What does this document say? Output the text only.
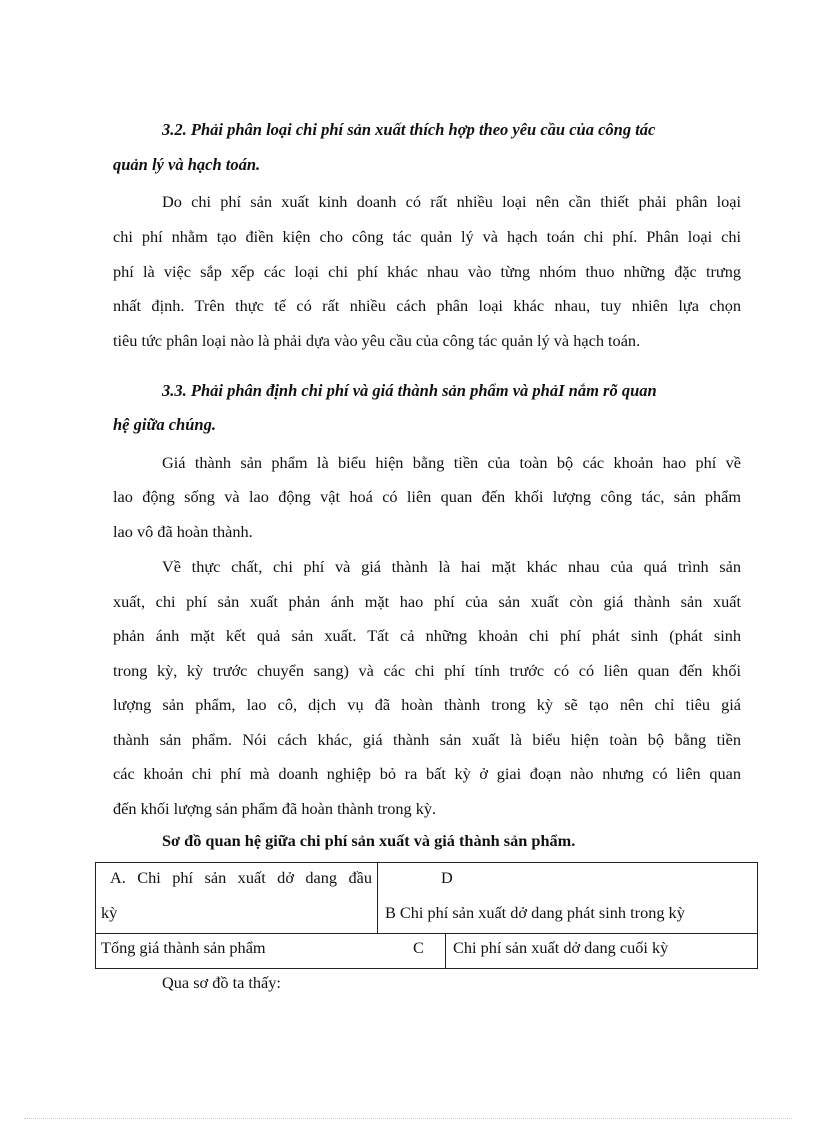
3.2. Phải phân loại chi phí sản xuất thích hợp theo yêu cầu của công tác
quản lý và hạch toán.
Do chi phí sản xuất kinh doanh có rất nhiều loại nên cần thiết phải phân loại
chi phí nhằm tạo điền kiện cho công tác quản lý và hạch toán chi phí. Phân loại chi
phí là việc sắp xếp các loại chi phí khác nhau vào từng nhóm thuo những đặc trưng
nhất định. Trên thực tế có rất nhiều cách phân loại khác nhau, tuy nhiên lựa chọn
tiêu tức phân loại nào là phải dựa vào yêu cầu của công tác quản lý và hạch toán.
3.3. Phải phân định chi phí và giá thành sản phẩm và phảI nắm rõ quan
hệ giữa chúng.
Giá thành sản phẩm là biểu hiện bằng tiền của toàn bộ các khoản hao phí về
lao động sống và lao động vật hoá có liên quan đến khối lượng công tác, sản phẩm
lao vô đã hoàn thành.
Về thực chất, chi phí và giá thành là hai mặt khác nhau của quá trình sản
xuất, chi phí sản xuất phản ánh mặt hao phí của sản xuất còn giá thành sản xuất
phản ánh mặt kết quả sản xuất. Tất cả những khoản chi phí phát sinh (phát sinh
trong kỳ, kỳ trước chuyển sang) và các chi phí tính trước có có liên quan đến khối
lượng sản phẩm, lao cô, dịch vụ đã hoàn thành trong kỳ sẽ tạo nên chỉ tiêu giá
thành sản phẩm. Nói cách khác, giá thành sản xuất là biểu hiện toàn bộ bằng tiền
các khoản chi phí mà doanh nghiệp bỏ ra bất kỳ ở giai đoạn nào nhưng có liên quan
đến khối lượng sản phẩm đã hoàn thành trong kỳ.
Sơ đồ quan hệ giữa chi phí sản xuất và giá thành sản phẩm.
A. Chi phí sản xuất dở dang đầu
kỳ
D
B Chi phí sản xuất dở dang phát sinh trong kỳ
Tổng giá thành sản phẩm	C Chi phí sản xuất dở dang cuối kỳ
Qua sơ đồ ta thấy:
